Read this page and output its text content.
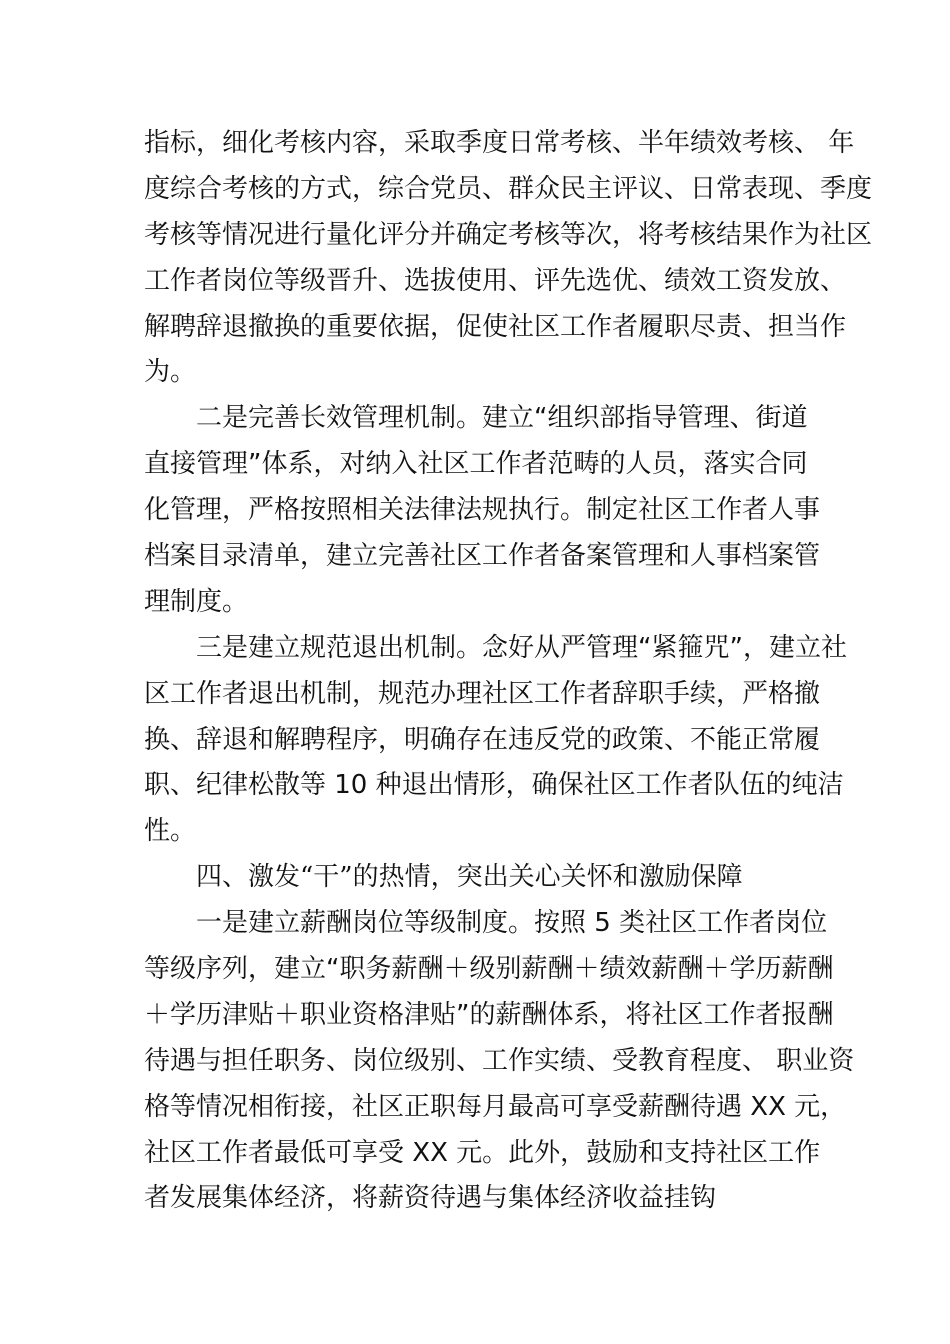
指标，细化考核内容，采取季度日常考核、半年绩效考核、 年
度综合考核的方式，综合党员、群众民主评议、日常表现、季度
考核等情况进行量化评分并确定考核等次，将考核结果作为社区
工作者岗位等级晋升、选拔使用、评先选优、绩效工资发放、
解聘辞退撤换的重要依据，促使社区工作者履职尽责、担当作
为。
二是完善长效管理机制。建立“组织部指导管理、街道
直接管理”体系，对纳入社区工作者范畴的人员，落实合同
化管理，严格按照相关法律法规执行。制定社区工作者人事
档案目录清单，建立完善社区工作者备案管理和人事档案管
理制度。
三是建立规范退出机制。念好从严管理“紧箍咒”，建立社
区工作者退出机制，规范办理社区工作者辞职手续，严格撤
换、辞退和解聘程序，明确存在违反党的政策、不能正常履
职、纪律松散等 10 种退出情形，确保社区工作者队伍的纯洁
性。
四、激发“干”的热情，突出关心关怀和激励保障
一是建立薪酬岗位等级制度。按照 5 类社区工作者岗位
等级序列，建立“职务薪酬＋级别薪酬＋绩效薪酬＋学历薪酬
＋学历津贴＋职业资格津贴”的薪酬体系，将社区工作者报酬
待遇与担任职务、岗位级别、工作实绩、受教育程度、 职业资
格等情况相衔接，社区正职每月最高可享受薪酬待遇 XX 元，
社区工作者最低可享受 XX 元。此外，鼓励和支持社区工作
者发展集体经济，将薪资待遇与集体经济收益挂钩
